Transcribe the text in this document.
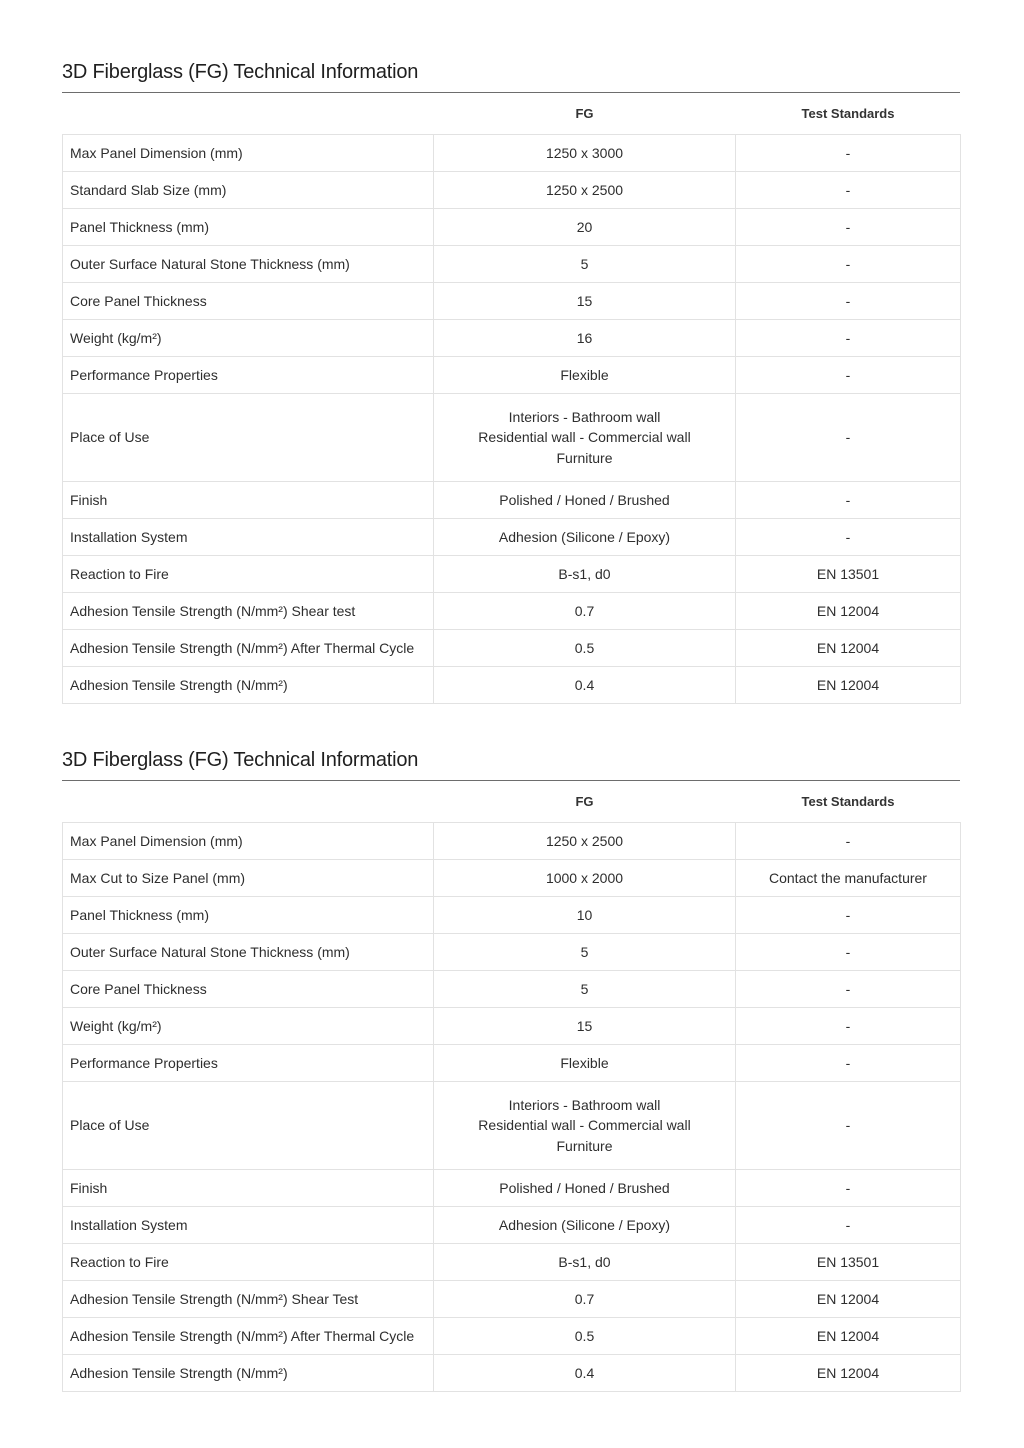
3D Fiberglass (FG) Technical Information
	FG	Test Standards
Max Panel Dimension (mm)	1250 x 3000	-
Standard Slab Size (mm)	1250 x 2500	-
Panel Thickness (mm)	20	-
Outer Surface Natural Stone Thickness (mm)	5	-
Core Panel Thickness	15	-
Weight (kg/m²)	16	-
Performance Properties	Flexible	-
Place of Use	Interiors - Bathroom wall
Residential wall - Commercial wall
Furniture	-
Finish	Polished / Honed / Brushed	-
Installation System	Adhesion (Silicone / Epoxy)	-
Reaction to Fire	B-s1, d0	EN 13501
Adhesion Tensile Strength (N/mm²) Shear test	0.7	EN 12004
Adhesion Tensile Strength (N/mm²) After Thermal Cycle	0.5	EN 12004
Adhesion Tensile Strength (N/mm²)	0.4	EN 12004
3D Fiberglass (FG) Technical Information
	FG	Test Standards
Max Panel Dimension (mm)	1250 x 2500	-
Max Cut to Size Panel (mm)	1000 x 2000	Contact the manufacturer
Panel Thickness (mm)	10	-
Outer Surface Natural Stone Thickness (mm)	5	-
Core Panel Thickness	5	-
Weight (kg/m²)	15	-
Performance Properties	Flexible	-
Place of Use	Interiors - Bathroom wall
Residential wall - Commercial wall
Furniture	-
Finish	Polished / Honed / Brushed	-
Installation System	Adhesion (Silicone / Epoxy)	-
Reaction to Fire	B-s1, d0	EN 13501
Adhesion Tensile Strength (N/mm²) Shear Test	0.7	EN 12004
Adhesion Tensile Strength (N/mm²) After Thermal Cycle	0.5	EN 12004
Adhesion Tensile Strength (N/mm²)	0.4	EN 12004
